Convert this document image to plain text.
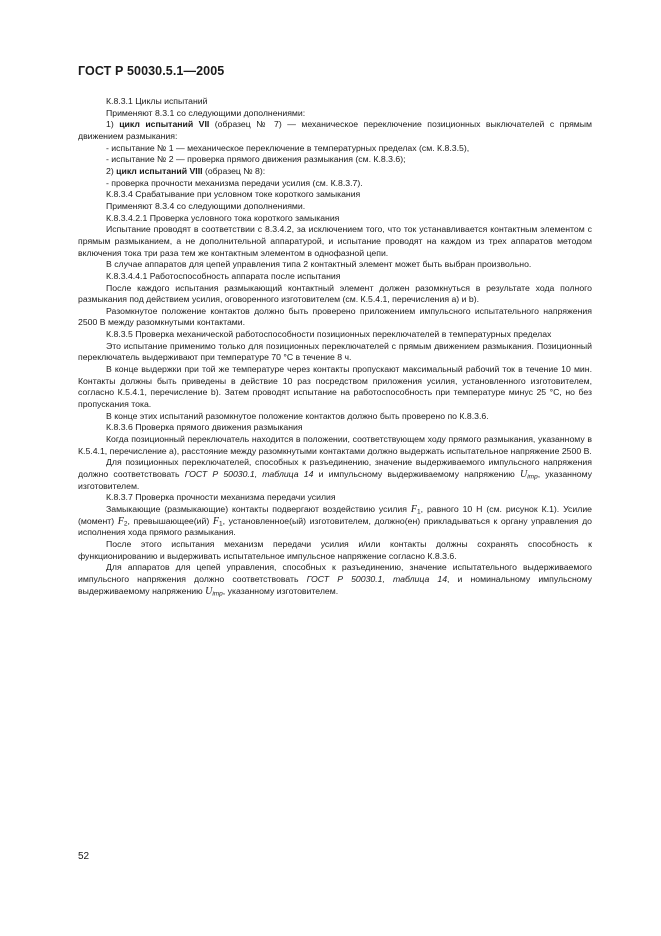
ГОСТ Р 50030.5.1—2005

К.8.3.1 Циклы испытаний

Применяют 8.3.1 со следующими дополнениями:

1) цикл испытаний VII (образец № 7) — механическое переключение позиционных выключателей с прямым движением размыкания:

- испытание № 1 — механическое переключение в температурных пределах (см. К.8.3.5),

- испытание № 2 — проверка прямого движения размыкания (см. К.8.3.6);

2) цикл испытаний VIII (образец № 8):

- проверка прочности механизма передачи усилия (см. К.8.3.7).

К.8.3.4 Срабатывание при условном токе короткого замыкания

Применяют 8.3.4 со следующими дополнениями.

К.8.3.4.2.1 Проверка условного тока короткого замыкания

Испытание проводят в соответствии с 8.3.4.2, за исключением того, что ток устанавливается контактным элементом с прямым размыканием, а не дополнительной аппаратурой, и испытание проводят на каждом из трех аппаратов методом включения тока три раза тем же контактным элементом в однофазной цепи.

В случае аппаратов для цепей управления типа 2 контактный элемент может быть выбран произвольно.

К.8.3.4.4.1 Работоспособность аппарата после испытания

После каждого испытания размыкающий контактный элемент должен разомкнуться в результате хода полного размыкания под действием усилия, оговоренного изготовителем (см. К.5.4.1, перечисления а) и b).

Разомкнутое положение контактов должно быть проверено приложением импульсного испытательного напряжения 2500 В между разомкнутыми контактами.

К.8.3.5 Проверка механической работоспособности позиционных переключателей в температурных пределах

Это испытание применимо только для позиционных переключателей с прямым движением размыкания. Позиционный переключатель выдерживают при температуре 70 °С в течение 8 ч.

В конце выдержки при той же температуре через контакты пропускают максимальный рабочий ток в течение 10 мин. Контакты должны быть приведены в действие 10 раз посредством приложения усилия, установленного изготовителем, согласно К.5.4.1, перечисление b). Затем проводят испытание на работоспособность при температуре минус 25 °С, но без пропускания тока.

В конце этих испытаний разомкнутое положение контактов должно быть проверено по К.8.3.6.

К.8.3.6 Проверка прямого движения размыкания

Когда позиционный переключатель находится в положении, соответствующем ходу прямого размыкания, указанному в К.5.4.1, перечисление а), расстояние между разомкнутыми контактами должно выдержать испытательное напряжение 2500 В.

Для позиционных переключателей, способных к разъединению, значение выдерживаемого импульсного напряжения должно соответствовать ГОСТ Р 50030.1, таблица 14 и импульсному выдерживаемому напряжению $U_{imp}$, указанному изготовителем.

К.8.3.7 Проверка прочности механизма передачи усилия

Замыкающие (размыкающие) контакты подвергают воздействию усилия $F_1$, равного 10 Н (см. рисунок К.1). Усилие (момент) $F_2$, превышающее(ий) $F_1$, установленное(ый) изготовителем, должно(ен) прикладываться к органу управления до исполнения хода прямого размыкания.

После этого испытания механизм передачи усилия и/или контакты должны сохранять способность к функционированию и выдерживать испытательное импульсное напряжение согласно К.8.3.6.

Для аппаратов для цепей управления, способных к разъединению, значение испытательного выдерживаемого импульсного напряжения должно соответствовать ГОСТ Р 50030.1, таблица 14, и номинальному импульсному выдерживаемому напряжению $U_{imp}$, указанному изготовителем.

52
